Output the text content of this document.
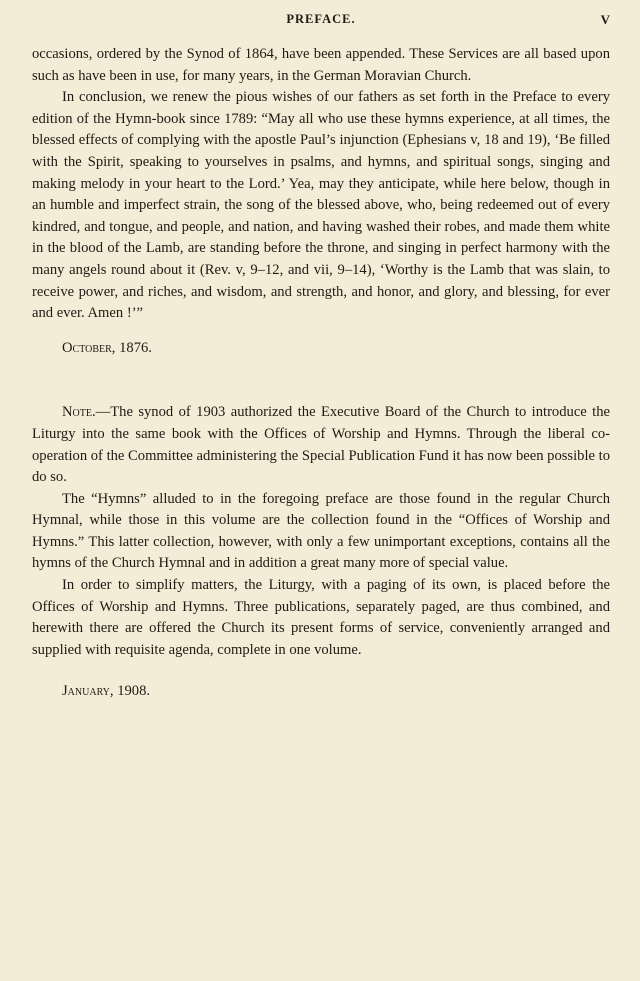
PREFACE.	V

occasions, ordered by the Synod of 1864, have been appended. These Services are all based upon such as have been in use, for many years, in the German Moravian Church.

In conclusion, we renew the pious wishes of our fathers as set forth in the Preface to every edition of the Hymn-book since 1789: “May all who use these hymns experience, at all times, the blessed effects of complying with the apostle Paul’s injunction (Ephesians v, 18 and 19), ‘Be filled with the Spirit, speaking to yourselves in psalms, and hymns, and spiritual songs, singing and making melody in your heart to the Lord.’ Yea, may they anticipate, while here below, though in an humble and imperfect strain, the song of the blessed above, who, being redeemed out of every kindred, and tongue, and people, and nation, and having washed their robes, and made them white in the blood of the Lamb, are standing before the throne, and singing in perfect harmony with the many angels round about it (Rev. v, 9–12, and vii, 9–14), ‘Worthy is the Lamb that was slain, to receive power, and riches, and wisdom, and strength, and honor, and glory, and blessing, for ever and ever. Amen !’”

October, 1876.

Note.—The synod of 1903 authorized the Executive Board of the Church to introduce the Liturgy into the same book with the Offices of Worship and Hymns. Through the liberal co-operation of the Committee administering the Special Publication Fund it has now been possible to do so.

The “Hymns” alluded to in the foregoing preface are those found in the regular Church Hymnal, while those in this volume are the collection found in the “Offices of Worship and Hymns.” This latter collection, however, with only a few unimportant exceptions, contains all the hymns of the Church Hymnal and in addition a great many more of special value.

In order to simplify matters, the Liturgy, with a paging of its own, is placed before the Offices of Worship and Hymns. Three publications, separately paged, are thus combined, and herewith there are offered the Church its present forms of service, conveniently arranged and supplied with requisite agenda, complete in one volume.

January, 1908.
